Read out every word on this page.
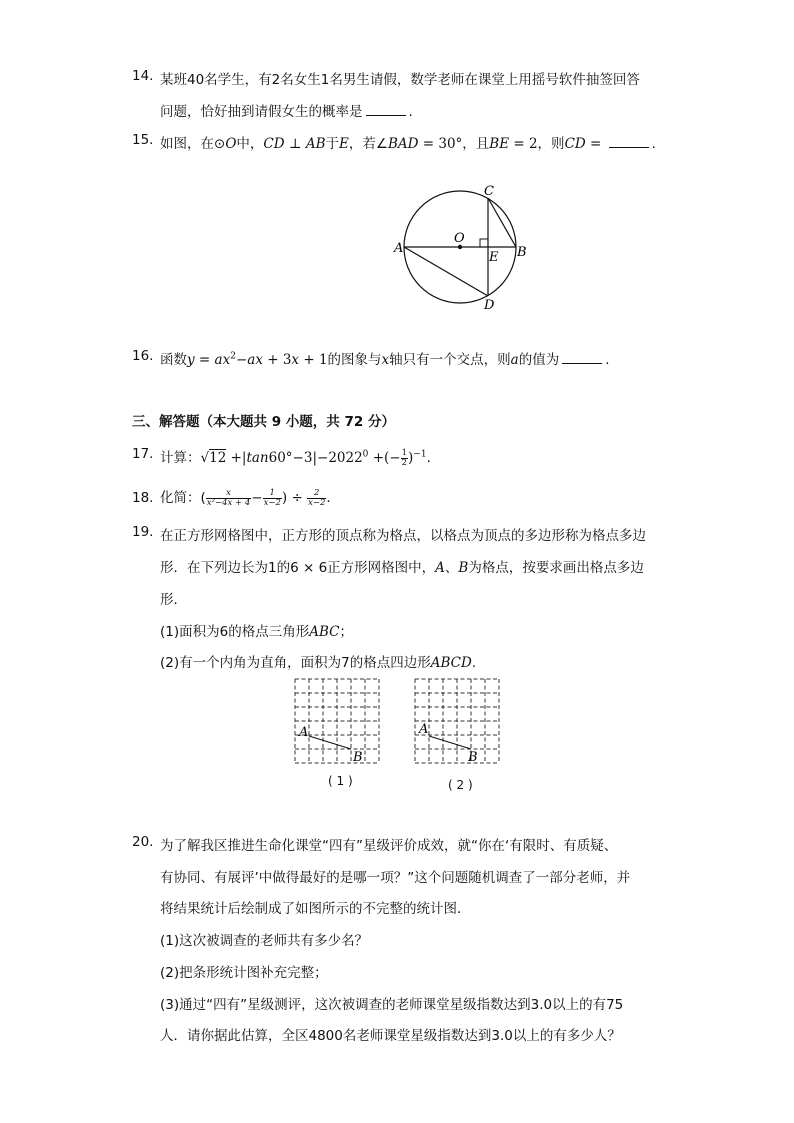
14. 某班40名学生，有2名女生1名男生请假，数学老师在课堂上用摇号软件抽签回答
问题，恰好抽到请假女生的概率是	.
15. 如图，在⊙O中，CD ⊥ AB于E，若∠BAD = 30°，且BE = 2，则CD =	.
A	B
C
D
O
E
16. 函数$y = ax^2-ax + 3x + 1$的图象与x轴只有一个交点，则a的值为	.
三、解答题（本大题共 9 小题，共 72 分）
17. 计算：$√12 +|\tan 60^\circ-3|-2022^0$ +(− $\frac{1}{2} )^{-1}$.
18. 化简：( $\frac{x}{\text{x²−4x + 4}} - \frac{1}{x-2}$ ) ÷ $\frac{2}{x-2}$ .
19. 在正方形网格图中，正方形的顶点称为格点，以格点为顶点的多边形称为格点多边
形．在下列边长为1的6 × 6正方形网格图中，A、B为格点，按要求画出格点多边
形．
(1)面积为6的格点三角形ABC；
(2)有一个内角为直角，面积为7的格点四边形ABCD.
A
B
A
B
( 1 )	( 2 )
20. 为了解我区推进生命化课堂“四有”星级评价成效，就“你在‘有限时、有质疑、
有协同、有展评’中做得最好的是哪一项？”这个问题随机调查了一部分老师，并
将结果统计后绘制成了如图所示的不完整的统计图．
(1)这次被调查的老师共有多少名？
(2)把条形统计图补充完整；
(3)通过“四有”星级测评，这次被调查的老师课堂星级指数达到3.0以上的有75
人．请你据此估算，全区4800名老师课堂星级指数达到3.0以上的有多少人？
